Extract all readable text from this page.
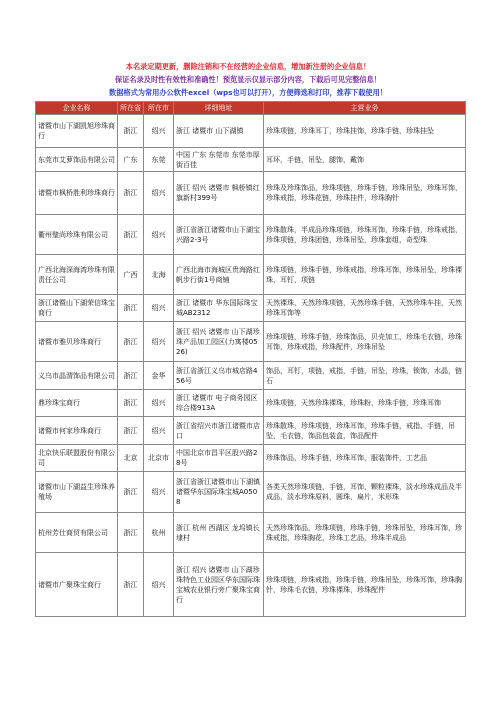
本名录定期更新，删除注销和不在经营的企业信息，增加新注册的企业信息！
保证名录及时性有效性和准确性！预览显示仅显示部分内容，下载后可见完整信息！
数据格式为常用办公软件excel（wps也可以打开），方便筛选和打印，推荐下载使用！
企业名称	所在省	所在市	详细地址	主营业务
诸暨市山下湖凯旭珍珠商行	浙江	绍兴	浙江 诸暨市 山下湖镇	珍珠项链，珍珠耳丁，珍珠挂饰，珍珠手链，珍珠挂坠
东莞市艾萝饰品有限公司	广东	东莞	中国 广东 东莞市 东莞市厚街百佳	耳环，手链，吊坠，腿饰，戴饰
诸暨市枫桥胜利珍珠商行	浙江	绍兴	浙江 绍兴 诸暨市 枫桥镇红旗新村399号	珍珠及珍珠饰品，珍珠项链，珍珠手链，珍珠吊坠，珍珠耳饰，珍珠戒指，珍珠花链，珍珠挂件，珍珠胸针
衢州璧尚珍珠有限公司	浙江	绍兴	浙江省浙江诸暨市山下湖宝兴路2-3号	珍珠散珠，半成品珍珠项链，珍珠耳饰，珍珠手链，珍珠戒指，珍珠项链，珍珠团链，珍珠吊坠，珍珠套组，奇型珠
广西北海深海湾珍珠有限责任公司	广西	北海	广西北海市海城区贵海路红帆步行街1号商铺	珍珠项链，珍珠手链，珍珠戒指，珍珠耳饰，珍珠吊坠，珍珠裸珠，耳钉，项链
浙江诸暨山下湖荣信珠宝商行	浙江	绍兴	浙江 诸暨市 华东国际珠宝城AB2312	天然裸珠，天然珍珠项链，天然珍珠手链，天然珍珠车挂，天然珍珠耳饰等
诸暨市雅贝珍珠商行	浙江	绍兴	浙江 绍兴 诸暨市 山下湖珍珠产品加工园区(力寓楼0526)	珍珠项链，珍珠手链，珍珠饰品，贝壳加工，珍珠毛衣链，珍珠耳饰，珍珠戒指，珍珠配件，珍珠吊坠
义乌市晶渭饰品有限公司	浙江	金华	浙江省浙江义乌市城店路456号	饰品，耳钉，项链，戒指，手链，吊坠，珍珠，锁饰，水晶，链石
鼎珍珠宝商行	浙江	绍兴	浙江 诸暨市 电子商务园区综合楼913A	珍珠项链，天然珍珠裸珠，珍珠粉，珍珠手链，珍珠耳饰
诸暨市何家珍珠商行	浙江	绍兴	浙江省绍兴市浙江诸暨市店口	珍珠散珠，珍珠项链，珍珠耳饰，珍珠手链，戒指，手链，吊坠，毛衣链，饰品包装盒，饰品配件
北京快乐联盟股份有限公司	北京	北京市	中国北京市昌平区股兴路28号	珍珠饰品，珍珠手链，珍珠耳饰，服装饰件，工艺品
诸暨市山下湖益生珍珠养殖场	浙江	绍兴	浙江省浙江诸暨市山下湖镇诸暨华东国际珠宝城A0508	各类天然珍珠项链，手链，耳饰，颗粒裸珠，淡水珍珠成品及半成品，淡水珍珠原料，圆珠，扁片，米形珠
杭州芳仕商贸有限公司	浙江	杭州	浙江 杭州 西湖区 龙坞镇长埭村	天然珍珠饰品，珍珠项链，珍珠手链，珍珠吊坠，珍珠耳饰，珍珠戒指，珍珠胸花，珍珠工艺品，珍珠半成品
诸暨市广聚珠宝商行	浙江	绍兴	浙江 绍兴 诸暨市 山下湖珍珠特色工业园区华东国际珠宝城农业银行旁广聚珠宝商行	珍珠项链，珍珠戒指，珍珠手链，珍珠吊坠，珍珠耳饰，珍珠胸针，珍珠毛衣链，珍珠裸珠，珍珠配件
